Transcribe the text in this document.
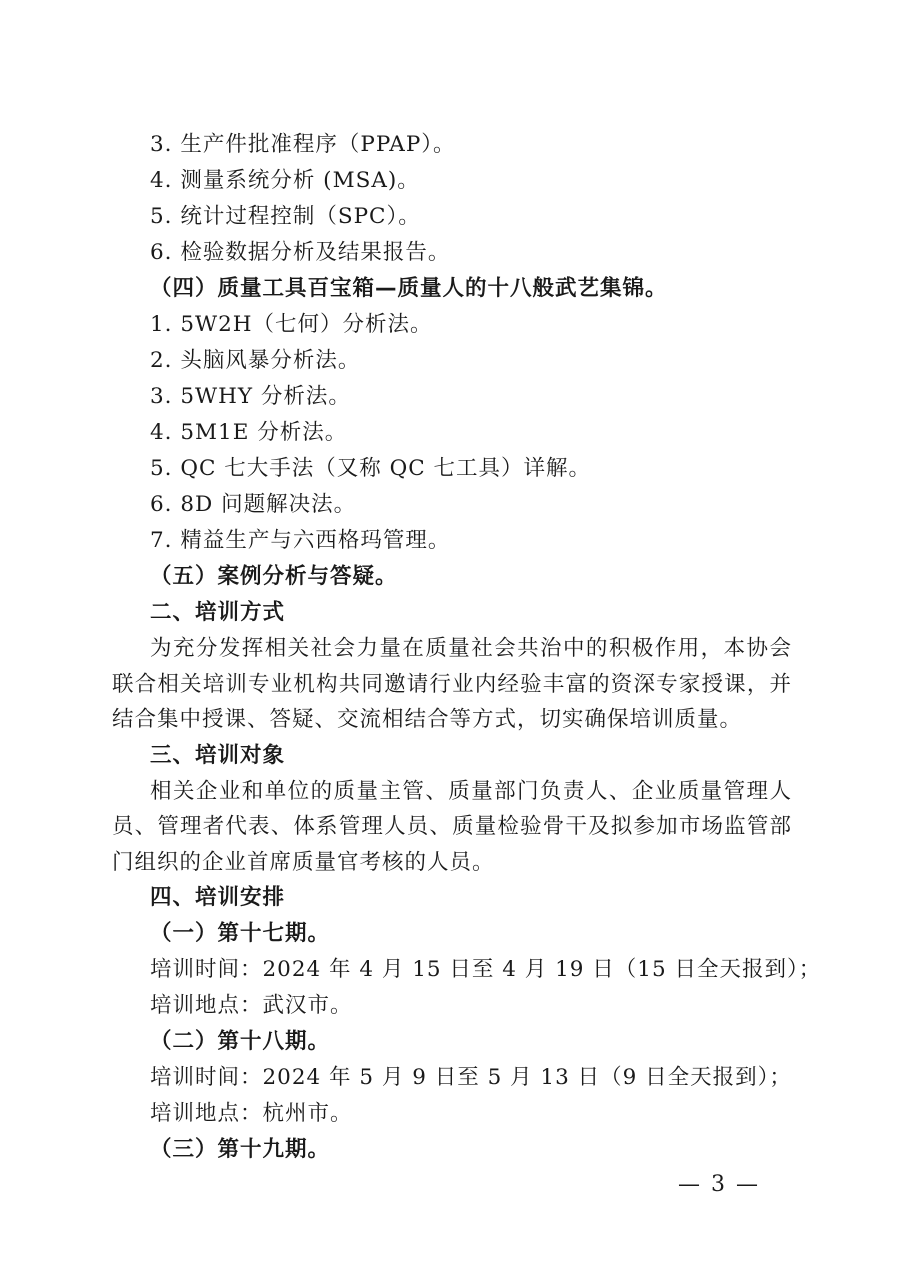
3. 生产件批准程序（PPAP）。
4. 测量系统分析 (MSA)。
5. 统计过程控制（SPC）。
6. 检验数据分析及结果报告。
（四）质量工具百宝箱—质量人的十八般武艺集锦。
1. 5W2H（七何）分析法。
2. 头脑风暴分析法。
3. 5WHY 分析法。
4. 5M1E 分析法。
5. QC 七大手法（又称 QC 七工具）详解。
6. 8D 问题解决法。
7. 精益生产与六西格玛管理。
（五）案例分析与答疑。
二、培训方式

为充分发挥相关社会力量在质量社会共治中的积极作用，本协会联合相关培训专业机构共同邀请行业内经验丰富的资深专家授课，并结合集中授课、答疑、交流相结合等方式，切实确保培训质量。

三、培训对象

相关企业和单位的质量主管、质量部门负责人、企业质量管理人员、管理者代表、体系管理人员、质量检验骨干及拟参加市场监管部门组织的企业首席质量官考核的人员。

四、培训安排
（一）第十七期。
培训时间：2024 年 4 月 15 日至 4 月 19 日（15 日全天报到）；
培训地点：武汉市。
（二）第十八期。
培训时间：2024 年 5 月 9 日至 5 月 13 日（9 日全天报到）；
培训地点：杭州市。
（三）第十九期。
— 3 —
